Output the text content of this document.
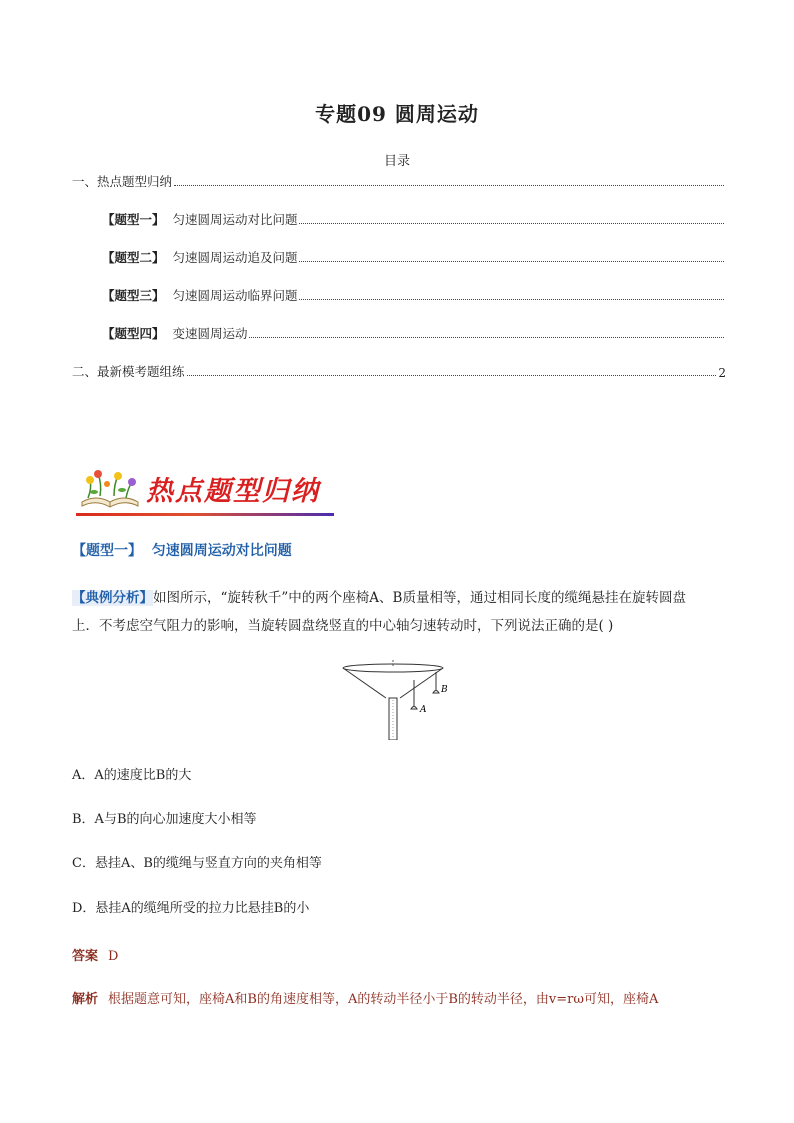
专题09 圆周运动
目录
一、热点题型归纳
【题型一】 匀速圆周运动对比问题
【题型二】 匀速圆周运动追及问题
【题型三】 匀速圆周运动临界问题
【题型四】 变速圆周运动
二、最新模考题组练	2
热点题型归纳
【题型一】 匀速圆周运动对比问题
【典例分析】如图所示，“旋转秋千”中的两个座椅A、B质量相等，通过相同长度的缆绳悬挂在旋转圆盘
上．不考虑空气阻力的影响，当旋转圆盘绕竖直的中心轴匀速转动时，下列说法正确的是( )
A
B
A．A的速度比B的大
B．A与B的向心加速度大小相等
C．悬挂A、B的缆绳与竖直方向的夹角相等
D．悬挂A的缆绳所受的拉力比悬挂B的小
答案 D
解析 根据题意可知，座椅A和B的角速度相等，A的转动半径小于B的转动半径，由v=rω可知，座椅A
